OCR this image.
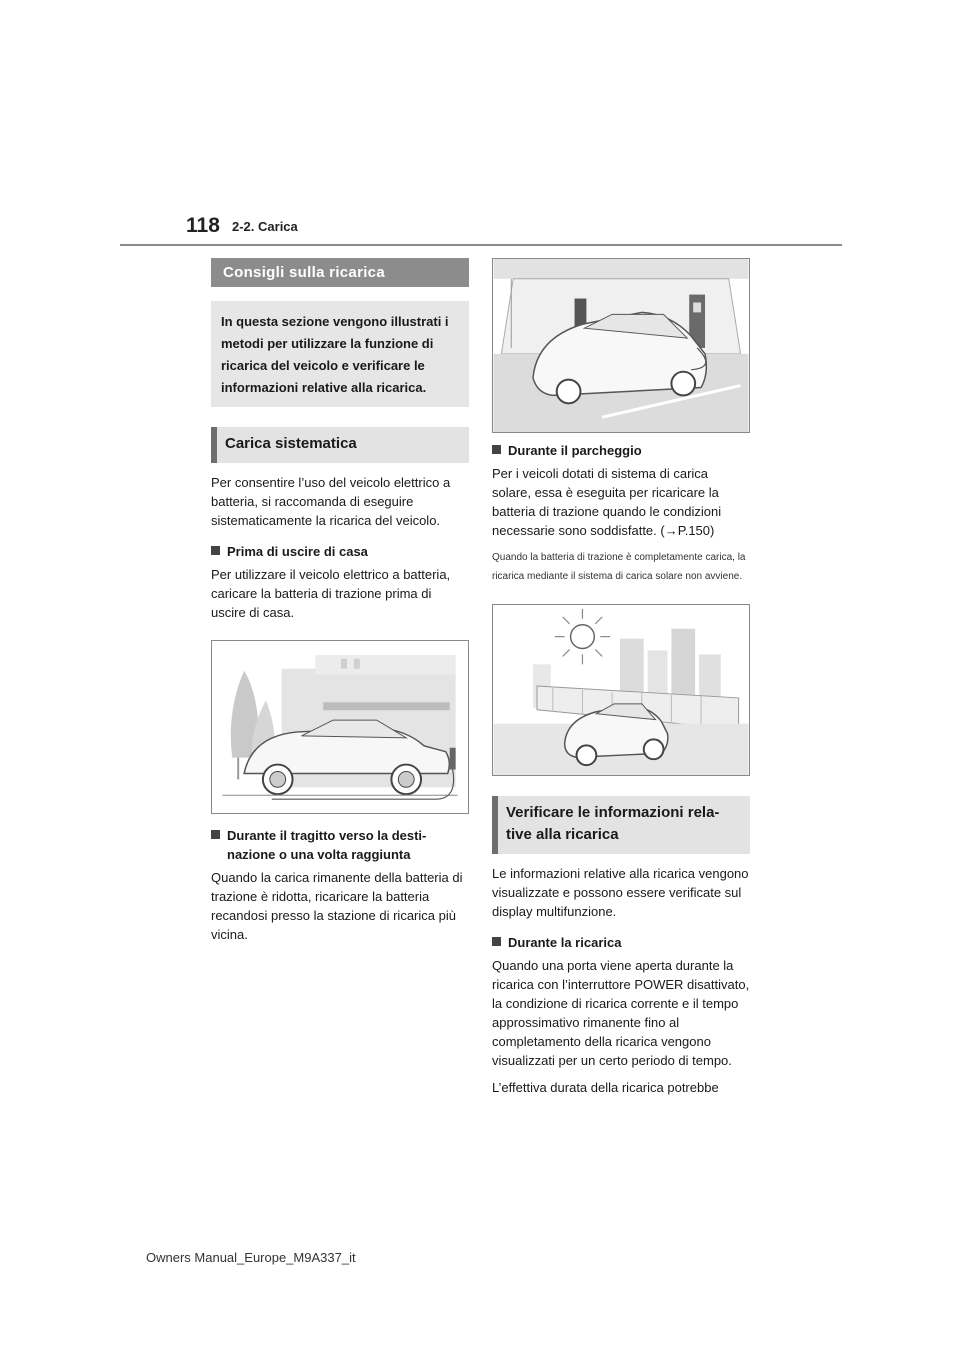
118 2-2. Carica
Consigli sulla ricarica
In questa sezione vengono illustrati i metodi per utilizzare la funzione di ricarica del veicolo e verificare le informazioni relative alla ricarica.
Carica sistematica

Per consentire l’uso del veicolo elettrico a batteria, si raccomanda di eseguire sistematicamente la ricarica del veicolo.

Prima di uscire di casa

Per utilizzare il veicolo elettrico a batteria, caricare la batteria di trazione prima di uscire di casa.

Durante il tragitto verso la destinazione o una volta raggiunta

Quando la carica rimanente della batteria di trazione è ridotta, ricaricare la batteria recandosi presso la stazione di ricarica più vicina.

Durante il parcheggio

Per i veicoli dotati di sistema di carica solare, essa è eseguita per ricaricare la batteria di trazione quando le condizioni necessarie sono soddisfatte. (→P.150)

Quando la batteria di trazione è completamente carica, la ricarica mediante il sistema di carica solare non avviene.

Verificare le informazioni relative alla ricarica

Le informazioni relative alla ricarica vengono visualizzate e possono essere verificate sul display multifunzione.

Durante la ricarica

Quando una porta viene aperta durante la ricarica con l’interruttore POWER disattivato, la condizione di ricarica corrente e il tempo approssimativo rimanente fino al completamento della ricarica vengono visualizzati per un certo periodo di tempo.

L’effettiva durata della ricarica potrebbe

Owners Manual_Europe_M9A337_it
